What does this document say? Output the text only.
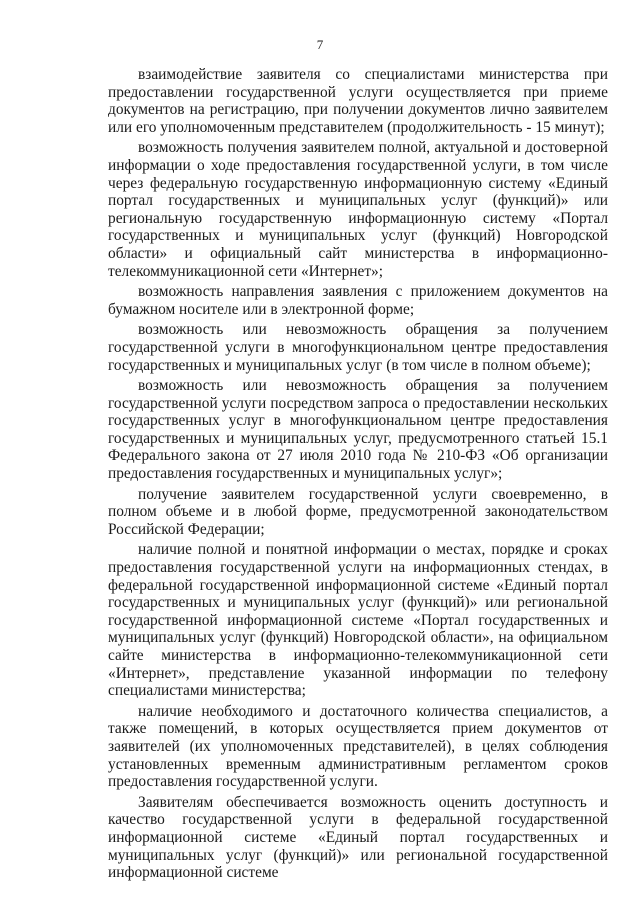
7

взаимодействие заявителя со специалистами министерства при предоставлении государственной услуги осуществляется при приеме документов на регистрацию, при получении документов лично заявителем или его уполномоченным представителем (продолжительность - 15 минут);

возможность получения заявителем полной, актуальной и достоверной информации о ходе предоставления государственной услуги, в том числе через федеральную государственную информационную систему «Единый портал государственных и муниципальных услуг (функций)» или региональную государственную информационную систему «Портал государственных и муниципальных услуг (функций) Новгородской области» и официальный сайт министерства в информационно-телекоммуникационной сети «Интернет»;

возможность направления заявления с приложением документов на бумажном носителе или в электронной форме;

возможность или невозможность обращения за получением государственной услуги в многофункциональном центре предоставления государственных и муниципальных услуг (в том числе в полном объеме);

возможность или невозможность обращения за получением государственной услуги посредством запроса о предоставлении нескольких государственных услуг в многофункциональном центре предоставления государственных и муниципальных услуг, предусмотренного статьей 15.1 Федерального закона от 27 июля 2010 года № 210-ФЗ «Об организации предоставления государственных и муниципальных услуг»;

получение заявителем государственной услуги своевременно, в полном объеме и в любой форме, предусмотренной законодательством Российской Федерации;

наличие полной и понятной информации о местах, порядке и сроках предоставления государственной услуги на информационных стендах, в федеральной государственной информационной системе «Единый портал государственных и муниципальных услуг (функций)» или региональной государственной информационной системе «Портал государственных и муниципальных услуг (функций) Новгородской области», на официальном сайте министерства в информационно-телекоммуникационной сети «Интернет», представление указанной информации по телефону специалистами министерства;

наличие необходимого и достаточного количества специалистов, а также помещений, в которых осуществляется прием документов от заявителей (их уполномоченных представителей), в целях соблюдения установленных временным административным регламентом сроков предоставления государственной услуги.

Заявителям обеспечивается возможность оценить доступность и качество государственной услуги в федеральной государственной информационной системе «Единый портал государственных и муниципальных услуг (функций)» или региональной государственной информационной системе
